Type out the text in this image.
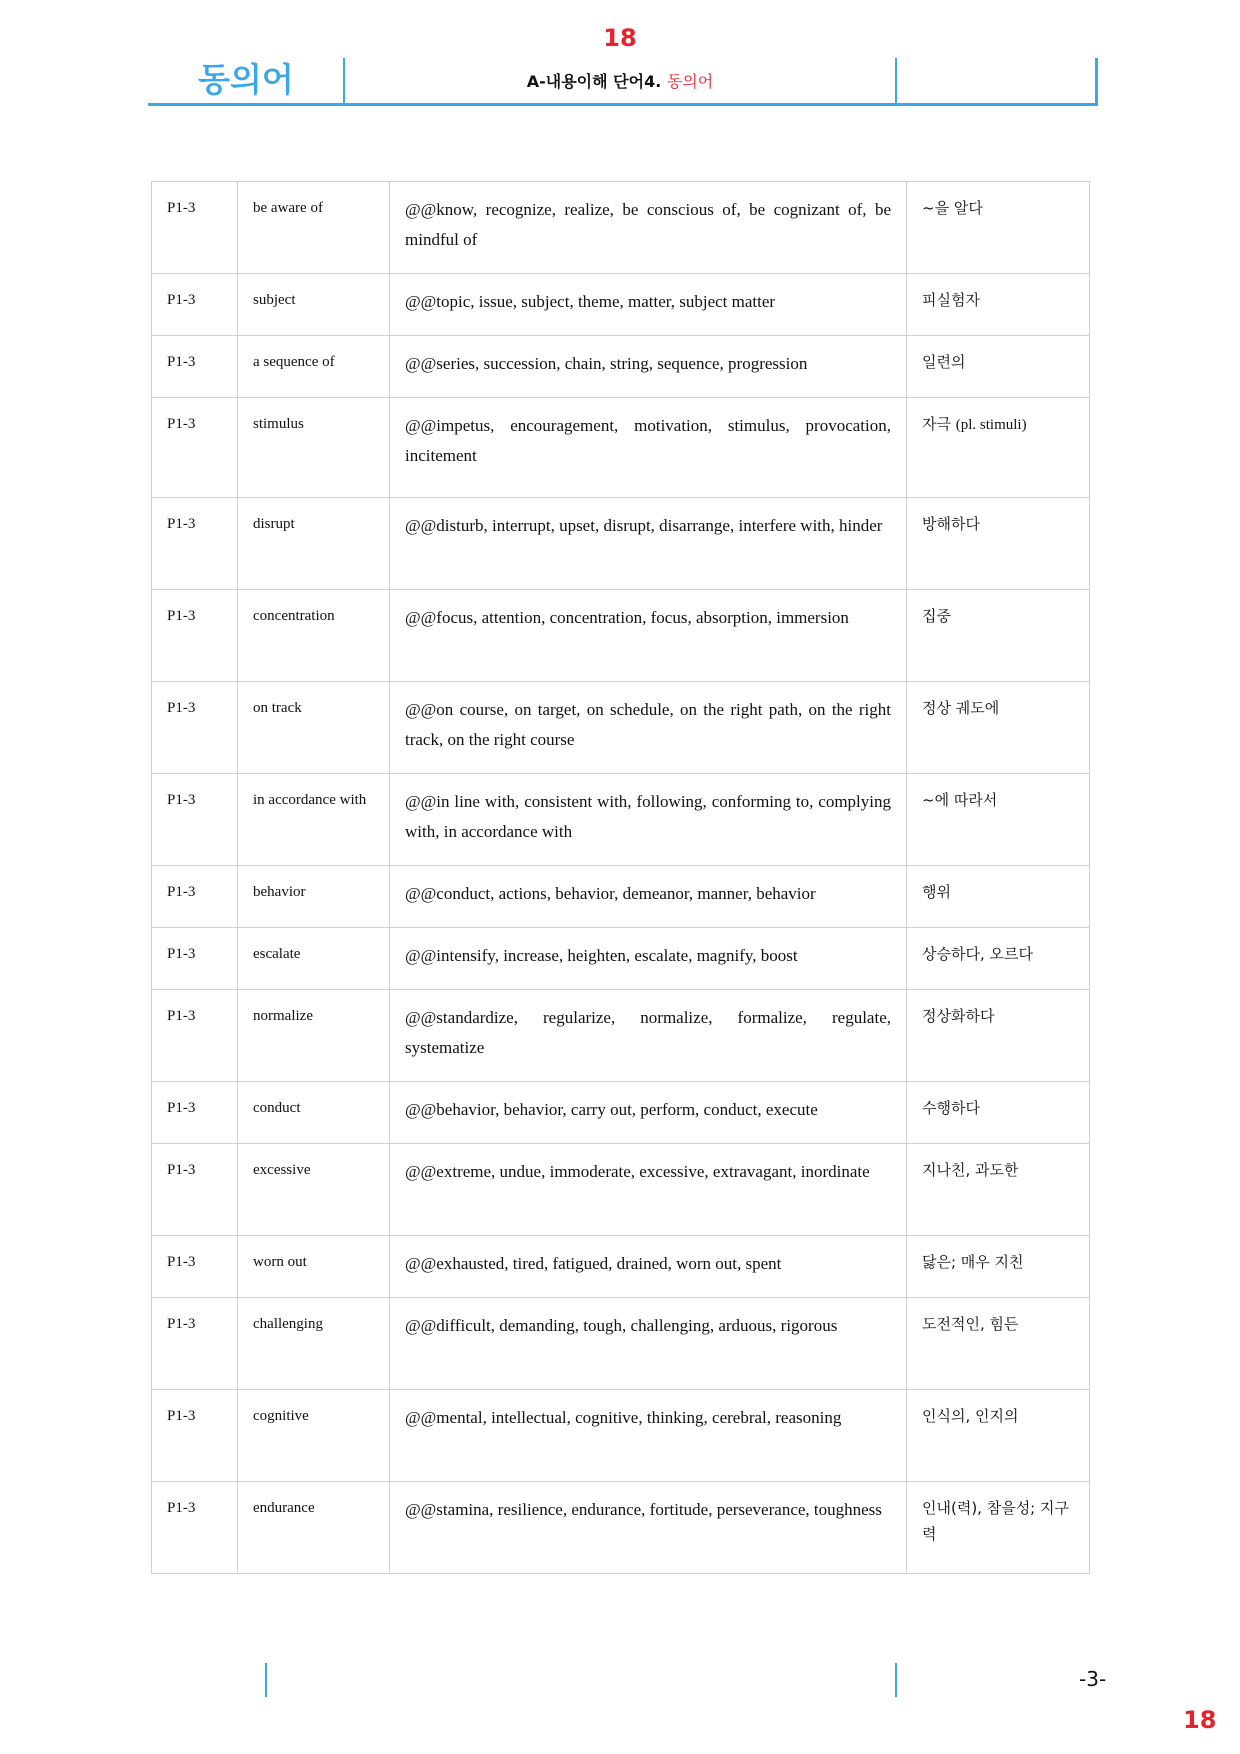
18
동의어	A-내용이해 단어4. 동의어
P1-3	be aware of	@@know, recognize, realize, be conscious of, be cognizant of, be mindful of	~을 알다
P1-3	subject	@@topic, issue, subject, theme, matter, subject matter	피실험자
P1-3	a sequence of	@@series, succession, chain, string, sequence, progression	일련의
P1-3	stimulus	@@impetus, encouragement, motivation, stimulus, provocation, incitement	자극 (pl. stimuli)
P1-3	disrupt	@@disturb, interrupt, upset, disrupt, disarrange, interfere with, hinder	방해하다
P1-3	concentration	@@focus, attention, concentration, focus, absorption, immersion	집중
P1-3	on track	@@on course, on target, on schedule, on the right path, on the right track, on the right course	정상 궤도에
P1-3	in accordance with	@@in line with, consistent with, following, conforming to, complying with, in accordance with	~에 따라서
P1-3	behavior	@@conduct, actions, behavior, demeanor, manner, behavior	행위
P1-3	escalate	@@intensify, increase, heighten, escalate, magnify, boost	상승하다, 오르다
P1-3	normalize	@@standardize, regularize, normalize, formalize, regulate, systematize	정상화하다
P1-3	conduct	@@behavior, behavior, carry out, perform, conduct, execute	수행하다
P1-3	excessive	@@extreme, undue, immoderate, excessive, extravagant, inordinate	지나친, 과도한
P1-3	worn out	@@exhausted, tired, fatigued, drained, worn out, spent	닳은; 매우 지친
P1-3	challenging	@@difficult, demanding, tough, challenging, arduous, rigorous	도전적인, 힘든
P1-3	cognitive	@@mental, intellectual, cognitive, thinking, cerebral, reasoning	인식의, 인지의
P1-3	endurance	@@stamina, resilience, endurance, fortitude, perseverance, toughness	인내(력), 참을성; 지구력
-3-
18
